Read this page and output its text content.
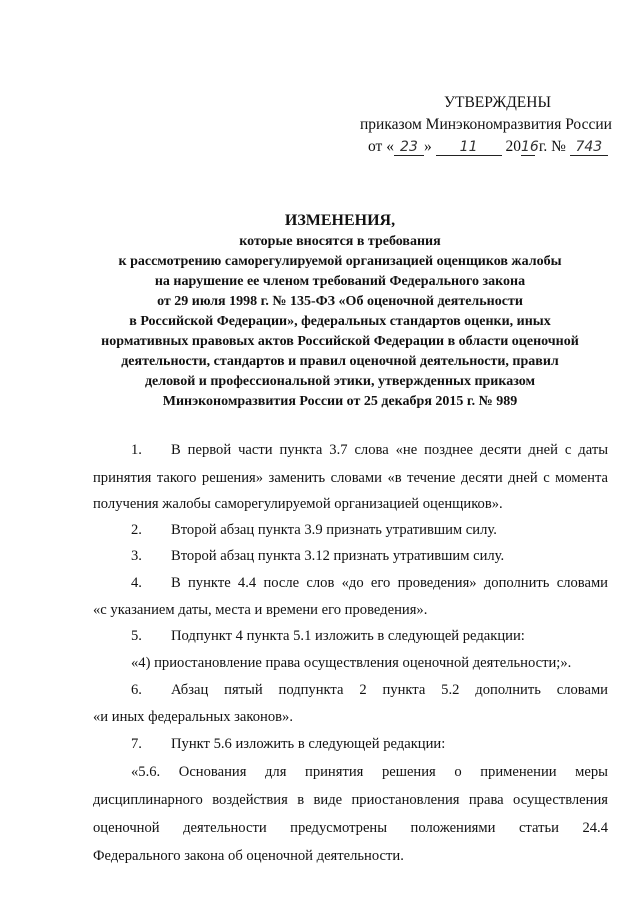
УТВЕРЖДЕНЫ
приказом Минэкономразвития России
от « 23 » 11 2016 г. № 743
ИЗМЕНЕНИЯ,
которые вносятся в требования
к рассмотрению саморегулируемой организацией оценщиков жалобы
на нарушение ее членом требований Федерального закона
от 29 июля 1998 г. № 135-ФЗ «Об оценочной деятельности
в Российской Федерации», федеральных стандартов оценки, иных
нормативных правовых актов Российской Федерации в области оценочной
деятельности, стандартов и правил оценочной деятельности, правил
деловой и профессиональной этики, утвержденных приказом
Минэкономразвития России от 25 декабря 2015 г. № 989
1. В первой части пункта 3.7 слова «не позднее десяти дней с даты
принятия такого решения» заменить словами «в течение десяти дней с момента
получения жалобы саморегулируемой организацией оценщиков».
2. Второй абзац пункта 3.9 признать утратившим силу.
3. Второй абзац пункта 3.12 признать утратившим силу.
4. В пункте 4.4 после слов «до его проведения» дополнить словами
«с указанием даты, места и времени его проведения».
5. Подпункт 4 пункта 5.1 изложить в следующей редакции:
«4) приостановление права осуществления оценочной деятельности;».
6. Абзац пятый подпункта 2 пункта 5.2 дополнить словами
«и иных федеральных законов».
7. Пункт 5.6 изложить в следующей редакции:
«5.6. Основания для принятия решения о применении меры
дисциплинарного воздействия в виде приостановления права осуществления
оценочной деятельности предусмотрены положениями статьи 24.4
Федерального закона об оценочной деятельности.
